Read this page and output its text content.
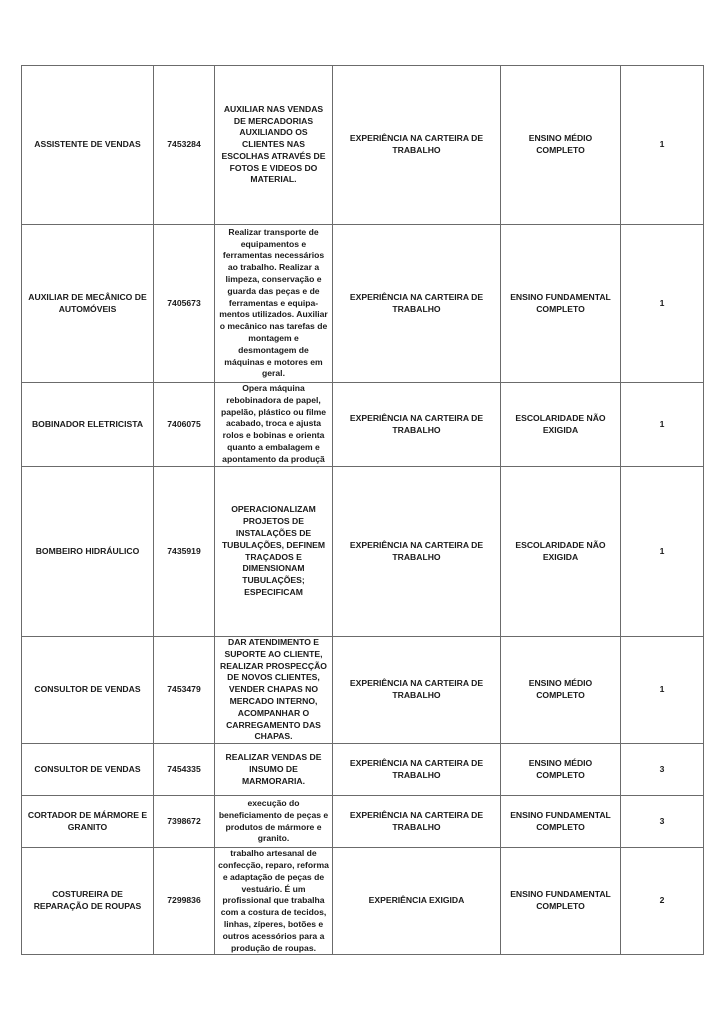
ASSISTENTE DE VENDAS	7453284	AUXILIAR NAS VENDAS DE MERCADORIAS AUXILIANDO OS CLIENTES NAS ESCOLHAS ATRAVÉS DE FOTOS E VIDEOS DO MATERIAL.	EXPERIÊNCIA NA CARTEIRA DE TRABALHO	ENSINO MÉDIO COMPLETO	1
AUXILIAR DE MECÂNICO DE AUTOMÓVEIS	7405673	Realizar transporte de equipamentos e ferramentas necessários ao trabalho. Realizar a limpeza, conservação e guarda das peças e de ferramentas e equipa-mentos utilizados. Auxiliar o mecânico nas tarefas de montagem e desmontagem de máquinas e motores em geral.	EXPERIÊNCIA NA CARTEIRA DE TRABALHO	ENSINO FUNDAMENTAL COMPLETO	1
BOBINADOR ELETRICISTA	7406075	Opera máquina rebobinadora de papel, papelão, plástico ou filme acabado, troca e ajusta rolos e bobinas e orienta quanto a embalagem e apontamento da produçã	EXPERIÊNCIA NA CARTEIRA DE TRABALHO	ESCOLARIDADE NÃO EXIGIDA	1
BOMBEIRO HIDRÁULICO	7435919	OPERACIONALIZAM PROJETOS DE INSTALAÇÕES DE TUBULAÇÕES, DEFINEM TRAÇADOS E DIMENSIONAM TUBULAÇÕES; ESPECIFICAM	EXPERIÊNCIA NA CARTEIRA DE TRABALHO	ESCOLARIDADE NÃO EXIGIDA	1
CONSULTOR DE VENDAS	7453479	DAR ATENDIMENTO E SUPORTE AO CLIENTE, REALIZAR PROSPECÇÃO DE NOVOS CLIENTES, VENDER CHAPAS NO MERCADO INTERNO, ACOMPANHAR O CARREGAMENTO DAS CHAPAS.	EXPERIÊNCIA NA CARTEIRA DE TRABALHO	ENSINO MÉDIO COMPLETO	1
CONSULTOR DE VENDAS	7454335	REALIZAR VENDAS DE INSUMO DE MARMORARIA.	EXPERIÊNCIA NA CARTEIRA DE TRABALHO	ENSINO MÉDIO COMPLETO	3
CORTADOR DE MÁRMORE E GRANITO	7398672	execução do beneficiamento de peças e produtos de mármore e granito.	EXPERIÊNCIA NA CARTEIRA DE TRABALHO	ENSINO FUNDAMENTAL COMPLETO	3
COSTUREIRA DE REPARAÇÃO DE ROUPAS	7299836	trabalho artesanal de confecção, reparo, reforma e adaptação de peças de vestuário. É um profissional que trabalha com a costura de tecidos, linhas, zíperes, botões e outros acessórios para a produção de roupas.	EXPERIÊNCIA EXIGIDA	ENSINO FUNDAMENTAL COMPLETO	2
